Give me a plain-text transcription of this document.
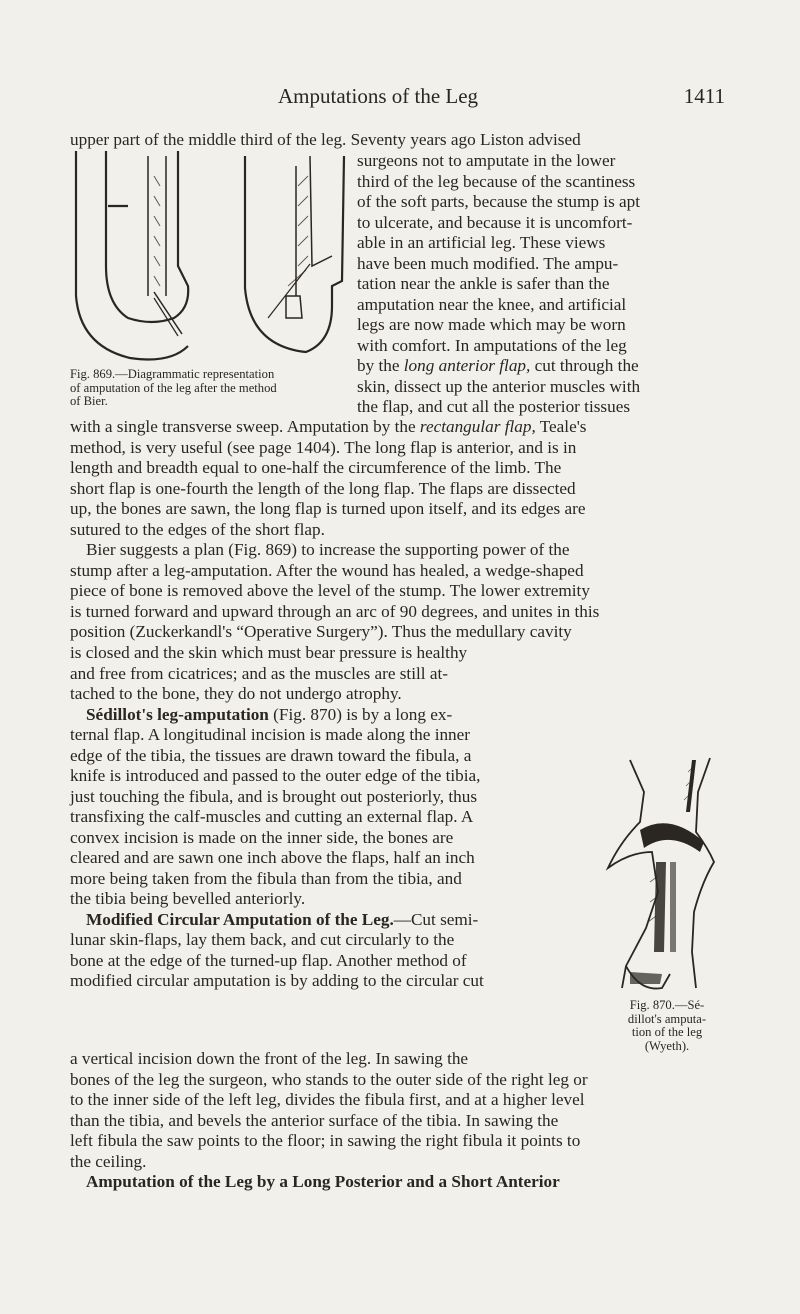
Amputations of the Leg	1411

upper part of the middle third of the leg. Seventy years ago Liston advised

Fig. 869.—Diagrammatic representation
of amputation of the leg after the method
of Bier.

surgeons not to amputate in the lower

third of the leg because of the scantiness

of the soft parts, because the stump is apt

to ulcerate, and because it is uncomfort-

able in an artificial leg. These views

have been much modified. The ampu-

tation near the ankle is safer than the

amputation near the knee, and artificial

legs are now made which may be worn

with comfort. In amputations of the leg

by the long anterior flap, cut through the

skin, dissect up the anterior muscles with

the flap, and cut all the posterior tissues

with a single transverse sweep. Amputation by the rectangular flap, Teale's

method, is very useful (see page 1404). The long flap is anterior, and is in

length and breadth equal to one-half the circumference of the limb. The

short flap is one-fourth the length of the long flap. The flaps are dissected

up, the bones are sawn, the long flap is turned upon itself, and its edges are

sutured to the edges of the short flap.

Bier suggests a plan (Fig. 869) to increase the supporting power of the

stump after a leg-amputation. After the wound has healed, a wedge-shaped

piece of bone is removed above the level of the stump. The lower extremity

is turned forward and upward through an arc of 90 degrees, and unites in this

position (Zuckerkandl's “Operative Surgery”). Thus the medullary cavity

is closed and the skin which must bear pressure is healthy

and free from cicatrices; and as the muscles are still at-

tached to the bone, they do not undergo atrophy.

Sédillot's leg-amputation (Fig. 870) is by a long ex-

ternal flap. A longitudinal incision is made along the inner

edge of the tibia, the tissues are drawn toward the fibula, a

knife is introduced and passed to the outer edge of the tibia,

just touching the fibula, and is brought out posteriorly, thus

transfixing the calf-muscles and cutting an external flap. A

convex incision is made on the inner side, the bones are

cleared and are sawn one inch above the flaps, half an inch

more being taken from the fibula than from the tibia, and

the tibia being bevelled anteriorly.

Modified Circular Amputation of the Leg.—Cut semi-

lunar skin-flaps, lay them back, and cut circularly to the

bone at the edge of the turned-up flap. Another method of

modified circular amputation is by adding to the circular cut

Fig. 870.—Sé-
dillot's amputa-
tion of the leg
(Wyeth).

a vertical incision down the front of the leg. In sawing the

bones of the leg the surgeon, who stands to the outer side of the right leg or

to the inner side of the left leg, divides the fibula first, and at a higher level

than the tibia, and bevels the anterior surface of the tibia. In sawing the

left fibula the saw points to the floor; in sawing the right fibula it points to

the ceiling.

Amputation of the Leg by a Long Posterior and a Short Anterior
